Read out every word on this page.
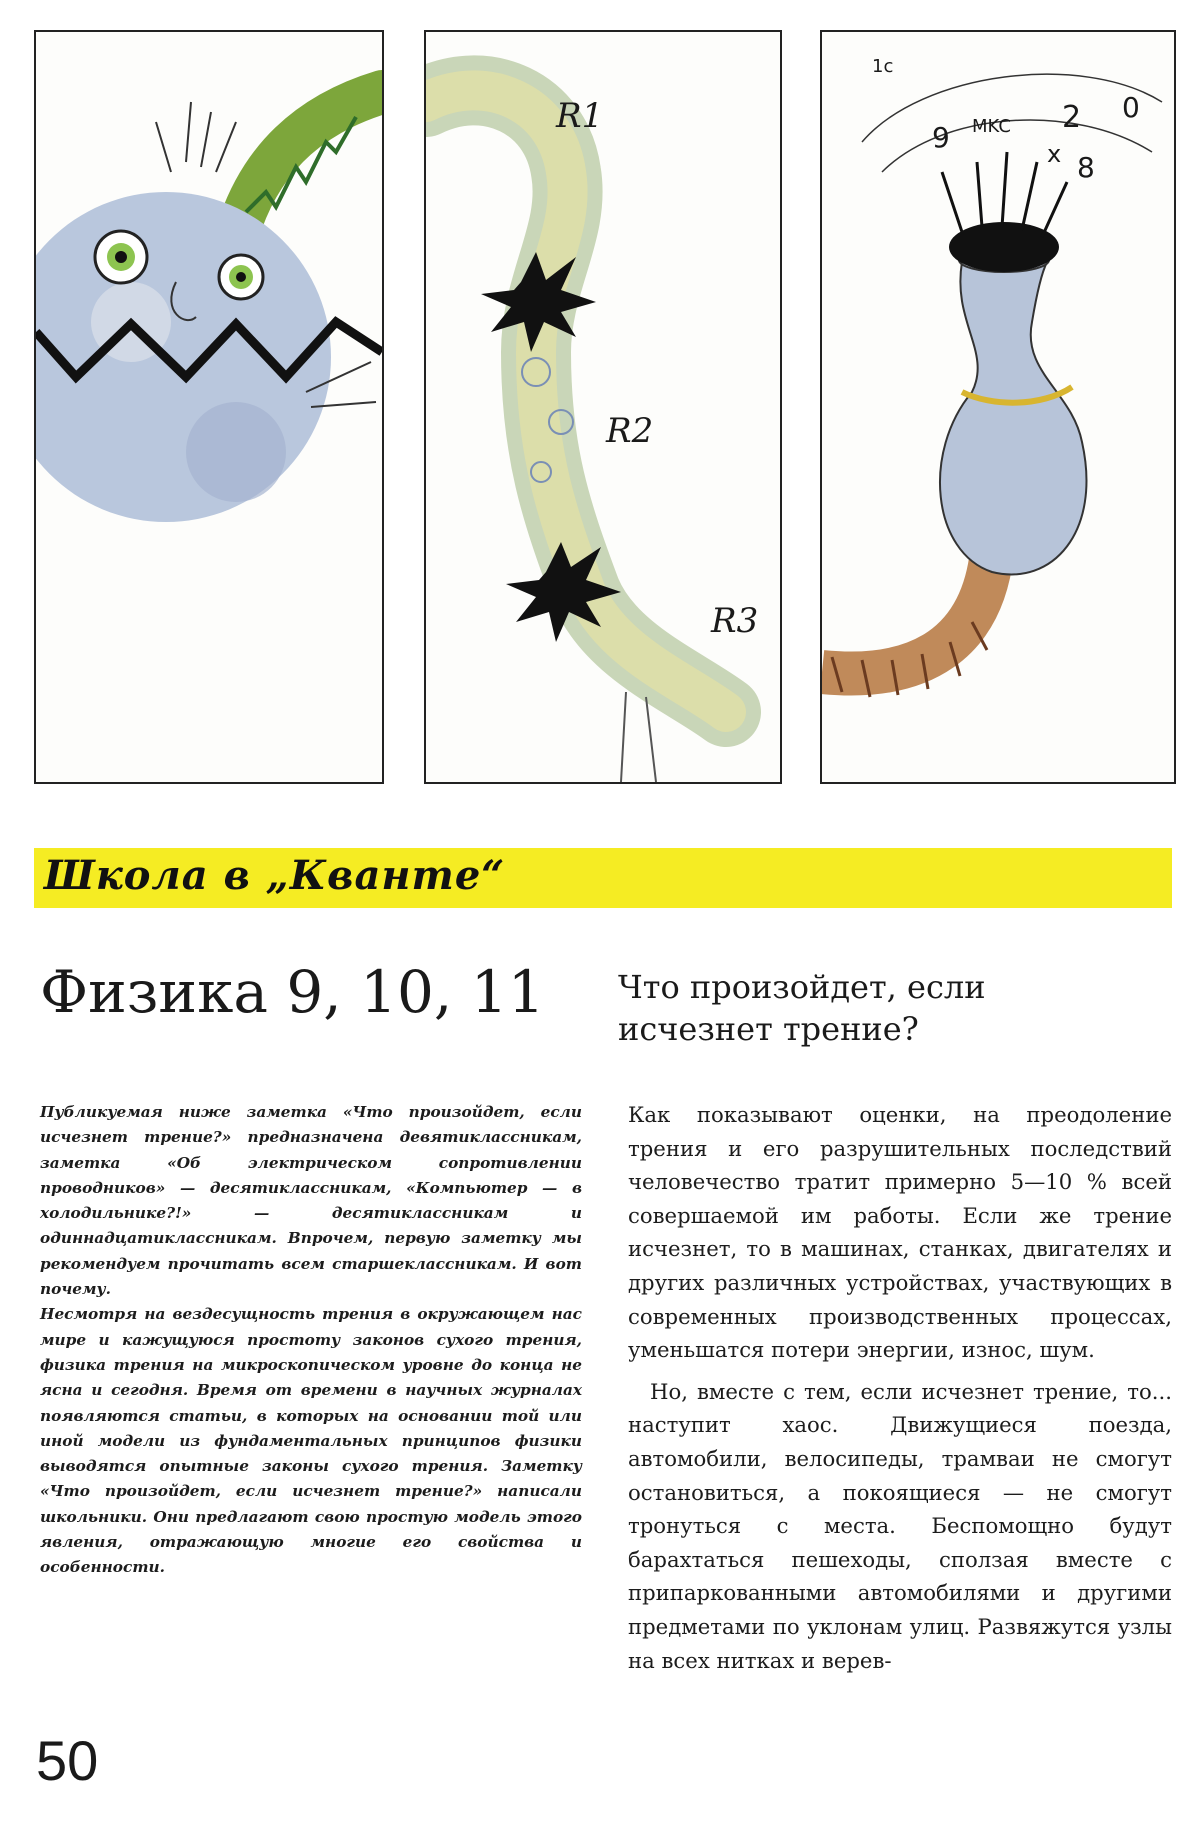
R1
R2
R3
9 MKC 2 0
8
x
1c
Школа в „Кванте“
Физика 9, 10, 11 Что произойдет, если исчезнет трение?

Публикуемая ниже заметка «Что произойдет, если исчезнет трение?» предназначена девятиклассникам, заметка «Об электрическом сопротивлении проводников» — десятиклассникам, «Компьютер — в холодильнике?!» — десятиклассникам и одиннадцатиклассникам. Впрочем, первую заметку мы рекомендуем прочитать всем старшеклассникам. И вот почему.

Несмотря на вездесущность трения в окружающем нас мире и кажущуюся простоту законов сухого трения, физика трения на микроскопическом уровне до конца не ясна и сегодня. Время от времени в научных журналах появляются статьи, в которых на основании той или иной модели из фундаментальных принципов физики выводятся опытные законы сухого трения. Заметку «Что произойдет, если исчезнет трение?» написали школьники. Они предлагают свою простую модель этого явления, отражающую многие его свойства и особенности.

Как показывают оценки, на преодоление трения и его разрушительных последствий человечество тратит примерно 5—10 % всей совершаемой им работы. Если же трение исчезнет, то в машинах, станках, двигателях и других различных устройствах, участвующих в современных производственных процессах, уменьшатся потери энергии, износ, шум.

Но, вместе с тем, если исчезнет трение, то... наступит хаос. Движущиеся поезда, автомобили, велосипеды, трамваи не смогут остановиться, а покоящиеся — не смогут тронуться с места. Беспомощно будут барахтаться пешеходы, сползая вместе с припаркованными автомобилями и другими предметами по уклонам улиц. Развяжутся узлы на всех нитках и верев-

50
